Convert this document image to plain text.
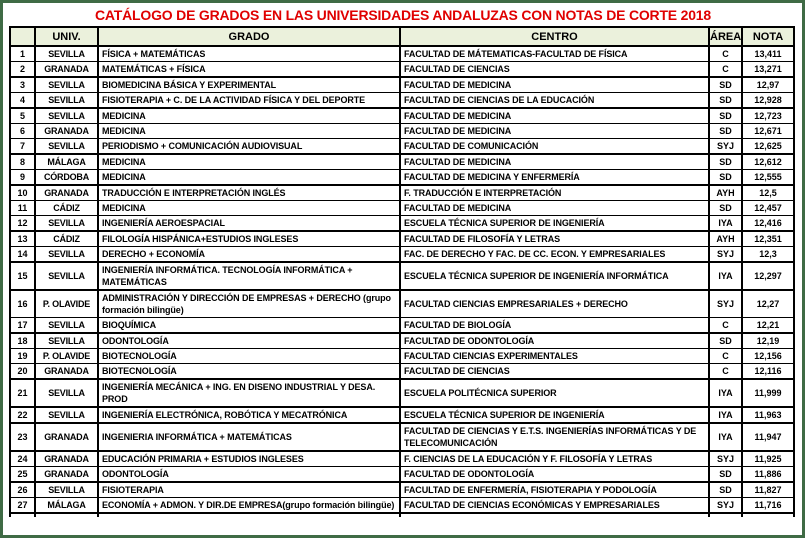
CATÁLOGO DE GRADOS EN LAS UNIVERSIDADES ANDALUZAS CON NOTAS DE CORTE 2018
	UNIV.	GRADO	CENTRO	ÁREA	NOTA
1	SEVILLA	FÍSICA + MATEMÁTICAS	FACULTAD DE MÁTEMATICAS-FACULTAD DE FÍSICA	C	13,411
2	GRANADA	MATEMÁTICAS + FÍSICA	FACULTAD DE CIENCIAS	C	13,271
3	SEVILLA	BIOMEDICINA BÁSICA Y EXPERIMENTAL	FACULTAD DE MEDICINA	SD	12,97
4	SEVILLA	FISIOTERAPIA + C. DE LA ACTIVIDAD FÍSICA Y DEL DEPORTE	FACULTAD DE CIENCIAS DE LA EDUCACIÓN	SD	12,928
5	SEVILLA	MEDICINA	FACULTAD DE MEDICINA	SD	12,723
6	GRANADA	MEDICINA	FACULTAD DE MEDICINA	SD	12,671
7	SEVILLA	PERIODISMO + COMUNICACIÓN AUDIOVISUAL	FACULTAD DE COMUNICACIÓN	SYJ	12,625
8	MÁLAGA	MEDICINA	FACULTAD DE MEDICINA	SD	12,612
9	CÓRDOBA	MEDICINA	FACULTAD DE MEDICINA Y ENFERMERÍA	SD	12,555
10	GRANADA	TRADUCCIÓN E INTERPRETACIÓN INGLÉS	F. TRADUCCIÓN E INTERPRETACIÓN	AYH	12,5
11	CÁDIZ	MEDICINA	FACULTAD DE MEDICINA	SD	12,457
12	SEVILLA	INGENIERÍA AEROESPACIAL	ESCUELA TÉCNICA SUPERIOR DE INGENIERÍA	IYA	12,416
13	CÁDIZ	FILOLOGÍA HISPÁNICA+ESTUDIOS INGLESES	FACULTAD DE FILOSOFÍA Y LETRAS	AYH	12,351
14	SEVILLA	DERECHO + ECONOMÍA	FAC. DE DERECHO Y FAC. DE CC. ECON. Y EMPRESARIALES	SYJ	12,3
15	SEVILLA	INGENIERÍA INFORMÁTICA. TECNOLOGÍA INFORMÁTICA + MATEMÁTICAS	ESCUELA TÉCNICA SUPERIOR DE INGENIERÍA INFORMÁTICA	IYA	12,297
16	P. OLAVIDE	ADMINISTRACIÓN Y DIRECCIÓN DE EMPRESAS + DERECHO (grupo formación bilingüe)	FACULTAD CIENCIAS EMPRESARIALES + DERECHO	SYJ	12,27
17	SEVILLA	BIOQUÍMICA	FACULTAD DE BIOLOGÍA	C	12,21
18	SEVILLA	ODONTOLOGÍA	FACULTAD DE ODONTOLOGÍA	SD	12,19
19	P. OLAVIDE	BIOTECNOLOGÍA	FACULTAD CIENCIAS EXPERIMENTALES	C	12,156
20	GRANADA	BIOTECNOLOGÍA	FACULTAD DE CIENCIAS	C	12,116
21	SEVILLA	INGENIERÍA MECÁNICA + ING. EN DISENO INDUSTRIAL Y DESA. PROD	ESCUELA POLITÉCNICA SUPERIOR	IYA	11,999
22	SEVILLA	INGENIERÍA ELECTRÓNICA, ROBÓTICA Y MECATRÓNICA	ESCUELA TÉCNICA SUPERIOR DE INGENIERÍA	IYA	11,963
23	GRANADA	INGENIERIA INFORMÁTICA + MATEMÁTICAS	FACULTAD DE CIENCIAS Y E.T.S. INGENIERÍAS INFORMÁTICAS Y DE TELECOMUNICACIÓN	IYA	11,947
24	GRANADA	EDUCACIÓN PRIMARIA + ESTUDIOS INGLESES	F. CIENCIAS DE LA EDUCACIÓN Y F. FILOSOFÍA Y LETRAS	SYJ	11,925
25	GRANADA	ODONTOLOGÍA	FACULTAD DE ODONTOLOGÍA	SD	11,886
26	SEVILLA	FISIOTERAPIA	FACULTAD DE ENFERMERÍA, FISIOTERAPIA Y PODOLOGÍA	SD	11,827
27	MÁLAGA	ECONOMÍA + ADMON. Y DIR.DE EMPRESA(grupo formación bilingüe)	FACULTAD DE CIENCIAS ECONÓMICAS Y EMPRESARIALES	SYJ	11,716
